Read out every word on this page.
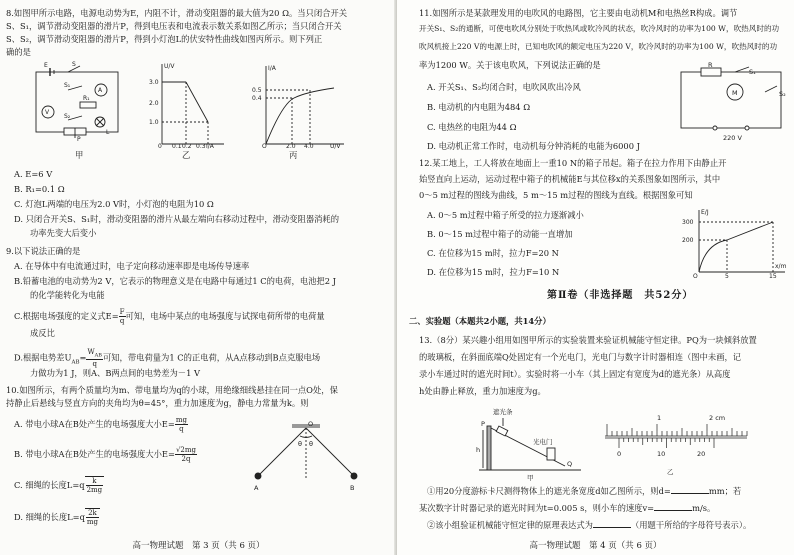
8.如图甲所示电路，电源电动势为E，内阻不计，滑动变阻器的最大值为20 Ω。当只闭合开关
S、S₁，调节滑动变阻器的滑片P，得到电压表和电流表示数关系如图乙所示；当只闭合开关
S、S₂，调节滑动变阻器的滑片P，得到小灯泡L的伏安特性曲线如图丙所示。则下列正
确的是
A
V
R₁
S₁
S₂
S
E
L
P
甲
U/V
3.0
2.0
1.0
0 0.1 0.2 0.3 I/A
乙
I/A
0.5
0.4
O	2.0 4.0	U/V
丙
A. E=6 V
B. R₁=0.1 Ω
C. 灯泡L两端的电压为2.0 V时，小灯泡的电阻为10 Ω
D. 只闭合开关S、S₁时，滑动变阻器的滑片从最左端向右移动过程中，滑动变阻器消耗的
功率先变大后变小
9.以下说法正确的是
A. 在导体中有电流通过时，电子定向移动速率即是电场传导速率
B.铅蓄电池的电动势为2 V，它表示的物理意义是在电路中每通过1 C的电荷，电池把2 J
的化学能转化为电能
C.根据电场强度的定义式$E= \frac{F}{q}$ 可知，电场中某点的电场强度与试探电荷所带的电荷量
成反比
D.根据电势差$U_{AB}= \frac{W_{AB}}{q}$ 可知，带电荷量为1 C的正电荷，从A点移动到B点克服电场
力做功为1 J，则A、B两点间的电势差为－1 V
10.如图所示，有两个质量均为m、带电量均为q的小球，用绝缘细线悬挂在同一点O处，保
持静止后悬线与竖直方向的夹角均为θ=45°，重力加速度为g，静电力常量为k。则
A. 带电小球A在B处产生的电场强度大小$E= \frac{mg}{q}$
B. 带电小球A在B处产生的电场强度大小$E= \frac{√2mg}{2q}$
C. 细绳的长度$L=q \frac{k}{2mg}$
D. 细绳的长度$L=q \frac{2k}{mg}$
O
A	B
θ θ
高一物理试题　第 3 页（共 6 页）
11.如图所示是某款理发用的电吹风的电路图，它主要由电动机M和电热丝R构成。调节
开关S₁、S₂的通断，可使电吹风分别处于吹热风或吹冷风的状态，吹冷风时的功率为100 W，吹热风时的功
吹风机接上220 V的电源上时，已知电吹风的额定电压为220 V，吹冷风时的功率为100 W，吹热风时的功
率为1200 W。关于该电吹风，下列说法正确的是	R
S₁
M	S₂
220 V
A. 开关S₁、S₂均闭合时，电吹风吹出冷风
B. 电动机的内电阻为484 Ω
C. 电热丝的电阻为44 Ω
D. 电动机正常工作时，电动机每分钟消耗的电能为6000 J
12.某工地上，工人将放在地面上一重10 N的箱子吊起。箱子在拉力作用下由静止开
始竖直向上运动，运动过程中箱子的机械能E与其位移x的关系图象如图所示，其中
0～5 m过程的图线为曲线，5 m～15 m过程的图线为直线。根据图象可知
A. 0～5 m过程中箱子所受的拉力逐渐减小
B. 0～15 m过程中箱子的动能一直增加
C. 在位移为15 m时，拉力F=20 N
D. 在位移为15 m时，拉力F=10 N
E/J
300
200
O	5	15
x/m
第Ⅱ卷（非选择题　共52分）
二、实验题（本题共2小题，共14分）
13.（8分）某兴趣小组用如图甲所示的实验装置来验证机械能守恒定律。PQ为一块倾斜放置
的玻璃板，在斜面底端Q处固定有一个光电门，光电门与数字计时器相连（图中未画，记
录小车通过时的遮光时间t）。实验时将一小车（其上固定有宽度为d的遮光条）从高度
h处由静止释放，重力加速度为g。
遮光条
光电门
P
h
Q
甲
1	2 cm
0	10	20
乙
①用20分度游标卡尺测得物体上的遮光条宽度d如乙图所示，则d=	mm；若
某次数字计时器记录的遮光时间为t=0.005 s，则小车的速度v=	m/s。
②该小组验证机械能守恒定律的原理表达式为	（用题干所给的字母符号表示）。
高一物理试题　第 4 页（共 6 页）
